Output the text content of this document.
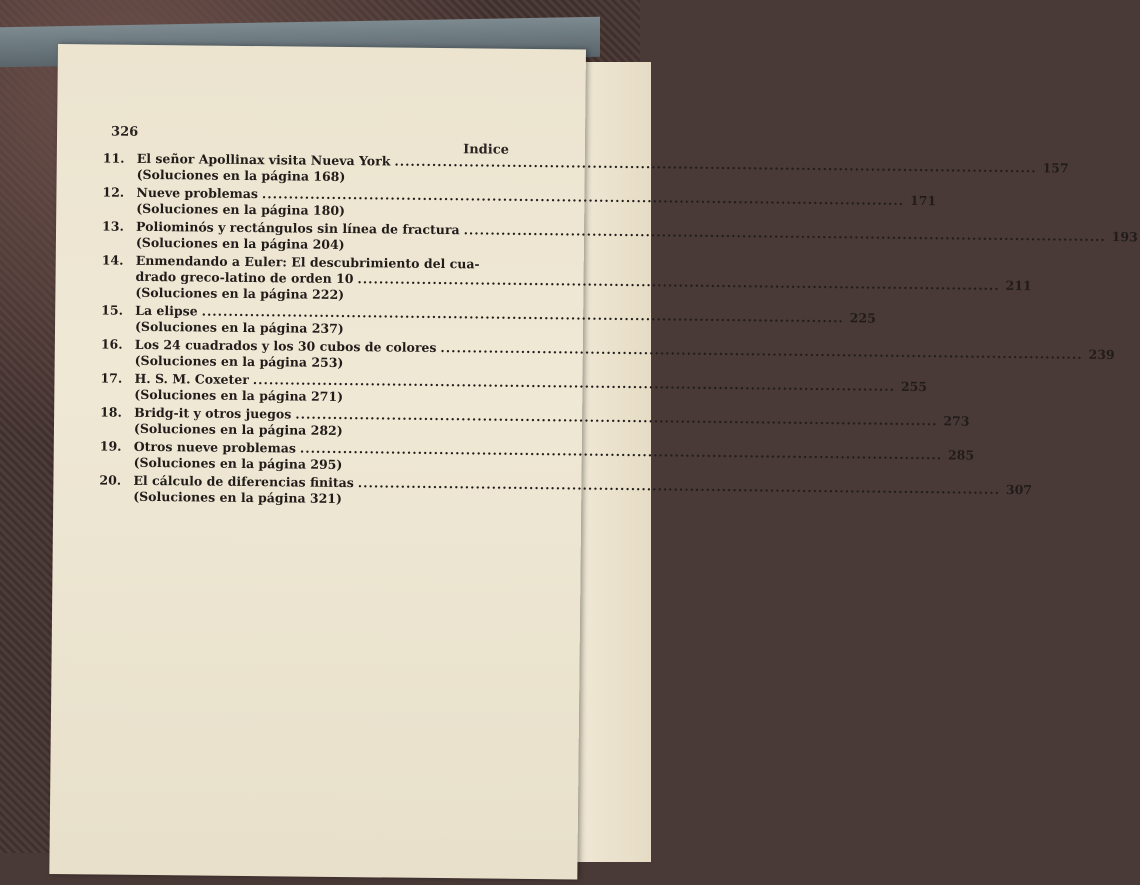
326
Indice
11. El señor Apollinax visita Nueva York ........................................................................................................................ 157
(Soluciones en la página 168)
12. Nueve problemas ........................................................................................................................ 171
(Soluciones en la página 180)
13. Poliominós y rectángulos sin línea de fractura ........................................................................................................................ 193
(Soluciones en la página 204)
14. Enmendando a Euler: El descubrimiento del cua-
drado greco-latino de orden 10 ........................................................................................................................ 211
(Soluciones en la página 222)
15. La elipse ........................................................................................................................ 225
(Soluciones en la página 237)
16. Los 24 cuadrados y los 30 cubos de colores ........................................................................................................................ 239
(Soluciones en la página 253)
17. H. S. M. Coxeter ........................................................................................................................ 255
(Soluciones en la página 271)
18. Bridg-it y otros juegos ........................................................................................................................ 273
(Soluciones en la página 282)
19. Otros nueve problemas ........................................................................................................................ 285
(Soluciones en la página 295)
20. El cálculo de diferencias finitas ........................................................................................................................ 307
(Soluciones en la página 321)
